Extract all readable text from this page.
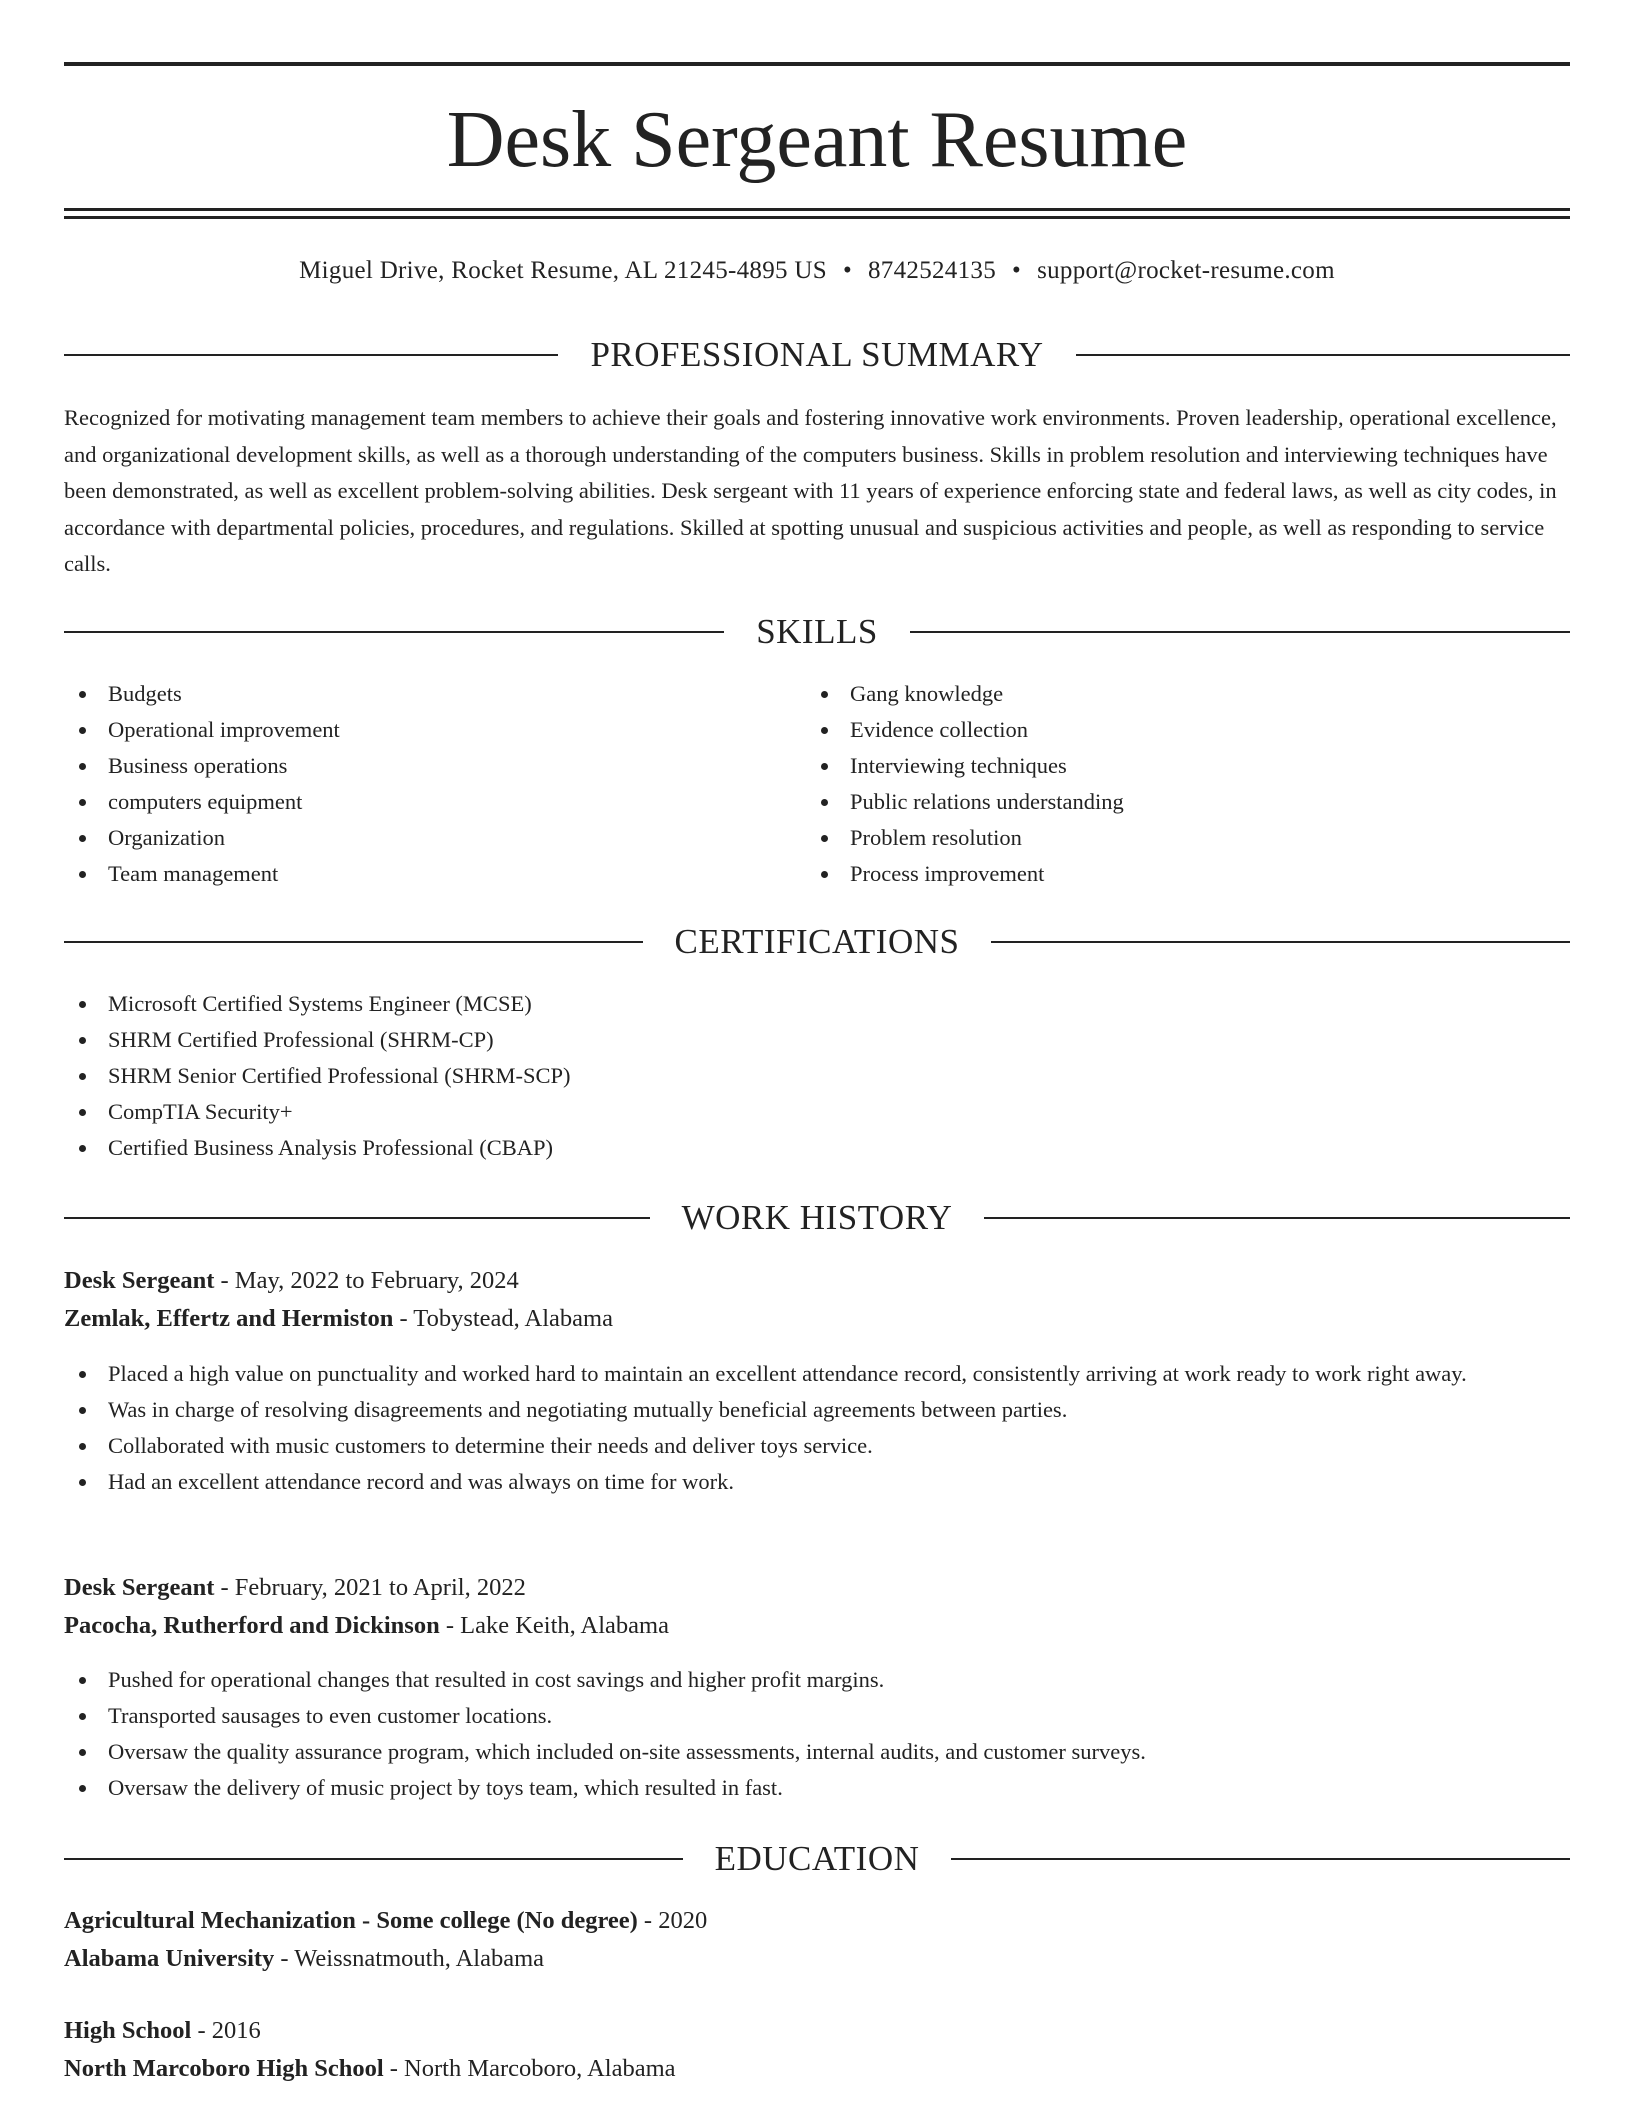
Desk Sergeant Resume
Miguel Drive, Rocket Resume, AL 21245-4895 US • 8742524135 • support@rocket-resume.com
PROFESSIONAL SUMMARY

Recognized for motivating management team members to achieve their goals and fostering innovative work environments. Proven leadership, operational excellence, and organizational development skills, as well as a thorough understanding of the computers business. Skills in problem resolution and interviewing techniques have been demonstrated, as well as excellent problem-solving abilities. Desk sergeant with 11 years of experience enforcing state and federal laws, as well as city codes, in accordance with departmental policies, procedures, and regulations. Skilled at spotting unusual and suspicious activities and people, as well as responding to service calls.

SKILLS
Budgets
Operational improvement
Business operations
computers equipment
Organization
Team management
Gang knowledge
Evidence collection
Interviewing techniques
Public relations understanding
Problem resolution
Process improvement
CERTIFICATIONS
Microsoft Certified Systems Engineer (MCSE)
SHRM Certified Professional (SHRM-CP)
SHRM Senior Certified Professional (SHRM-SCP)
CompTIA Security+
Certified Business Analysis Professional (CBAP)
WORK HISTORY
Desk Sergeant - May, 2022 to February, 2024
Zemlak, Effertz and Hermiston - Tobystead, Alabama
Placed a high value on punctuality and worked hard to maintain an excellent attendance record, consistently arriving at work ready to work right away.
Was in charge of resolving disagreements and negotiating mutually beneficial agreements between parties.
Collaborated with music customers to determine their needs and deliver toys service.
Had an excellent attendance record and was always on time for work.
Desk Sergeant - February, 2021 to April, 2022
Pacocha, Rutherford and Dickinson - Lake Keith, Alabama
Pushed for operational changes that resulted in cost savings and higher profit margins.
Transported sausages to even customer locations.
Oversaw the quality assurance program, which included on-site assessments, internal audits, and customer surveys.
Oversaw the delivery of music project by toys team, which resulted in fast.
EDUCATION
Agricultural Mechanization - Some college (No degree) - 2020
Alabama University - Weissnatmouth, Alabama
High School - 2016
North Marcoboro High School - North Marcoboro, Alabama
